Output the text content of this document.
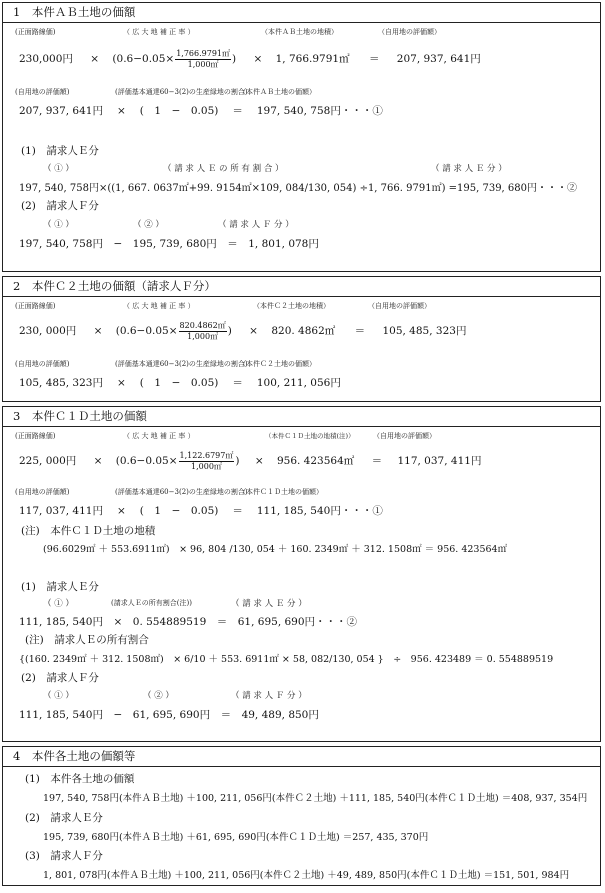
1　本件ＡＢ土地の価額
(正面路線価)	（ 広 大 地 補 正 率 ）	（本件ＡＢ土地の地積）	（自用地の評価額）
230,000円 × ($0.6-0.05\times \frac{1,766.9791㎡}{1,000㎡}$ ) × 1, 766.9791㎡ ＝ 207, 937, 641円
(自用地の評価額)	(評価基本通達60−3(2)の生産緑地の割合)
（本件ＡＢ土地の価額）
207, 937, 641円 × (　1　−　0.05) ＝ 197, 540, 758円・・・①
(1)　請求人Ｅ分
（ ① ）	（ 請 求 人 Ｅ の 所 有 割 合 ）	（ 請 求 人 Ｅ 分 ）
197, 540, 758円×((1, 667. 0637㎡+99. 9154㎡×109, 084/130, 054) ÷1, 766. 9791㎡) =195, 739, 680円・・・②
(2)　請求人Ｆ分
（ ① ）	（ ② ）	（ 請 求 人 Ｆ 分 ）
197, 540, 758円　−　195, 739, 680円　＝　1, 801, 078円
2　本件Ｃ２土地の価額（請求人Ｆ分）
(正面路線価)	（ 広 大 地 補 正 率 ）	（本件Ｃ２土地の地積）	（自用地の評価額）
230, 000円 × ($0.6-0.05\times \frac{820.4862㎡}{1,000㎡}$ ) × 820. 4862㎡ ＝ 105, 485, 323円
(自用地の評価額)	(評価基本通達60−3(2)の生産緑地の割合)
（本件Ｃ２土地の価額）
105, 485, 323円 × (　1　−　0.05) ＝ 100, 211, 056円
3　本件Ｃ１Ｄ土地の価額
(正面路線価)	（ 広 大 地 補 正 率 ）	（本件Ｃ１Ｄ土地の地積(注)）	（自用地の評価額）
225, 000円 × ($0.6-0.05\times \frac{1,122.6797㎡}{1,000㎡}$ ) × 956. 423564㎡ ＝ 117, 037, 411円
(自用地の評価額)	(評価基本通達60−3(2)の生産緑地の割合)
（本件Ｃ１Ｄ土地の価額）
117, 037, 411円 × (　1　−　0.05) ＝ 111, 185, 540円・・・①
(注)　本件Ｃ１Ｄ土地の地積
(96.6029㎡ ＋ 553.6911㎡)　× 96, 804 /130, 054 ＋ 160. 2349㎡ ＋ 312. 1508㎡ ＝ 956. 423564㎡
(1)　請求人Ｅ分
（ ① ）	(請求人Ｅの所有割合(注))	（ 請 求 人 Ｅ 分 ）
111, 185, 540円　×　0. 554889519　＝　61, 695, 690円・・・②
(注)　請求人Ｅの所有割合
{(160. 2349㎡ ＋ 312. 1508㎡)　× 6/10 ＋ 553. 6911㎡ × 58, 082/130, 054 }　÷　956. 423489 ＝ 0. 554889519
(2)　請求人Ｆ分
（ ① ）	（ ② ）	（ 請 求 人 Ｆ 分 ）
111, 185, 540円　−　61, 695, 690円　＝　49, 489, 850円
4　本件各土地の価額等
(1)　本件各土地の価額
197, 540, 758円(本件ＡＢ土地) ＋100, 211, 056円(本件Ｃ２土地) ＋111, 185, 540円(本件Ｃ１Ｄ土地) ＝408, 937, 354円
(2)　請求人Ｅ分
195, 739, 680円(本件ＡＢ土地) ＋61, 695, 690円(本件Ｃ１Ｄ土地) ＝257, 435, 370円
(3)　請求人Ｆ分
1, 801, 078円(本件ＡＢ土地) ＋100, 211, 056円(本件Ｃ２土地) ＋49, 489, 850円(本件Ｃ１Ｄ土地) ＝151, 501, 984円
